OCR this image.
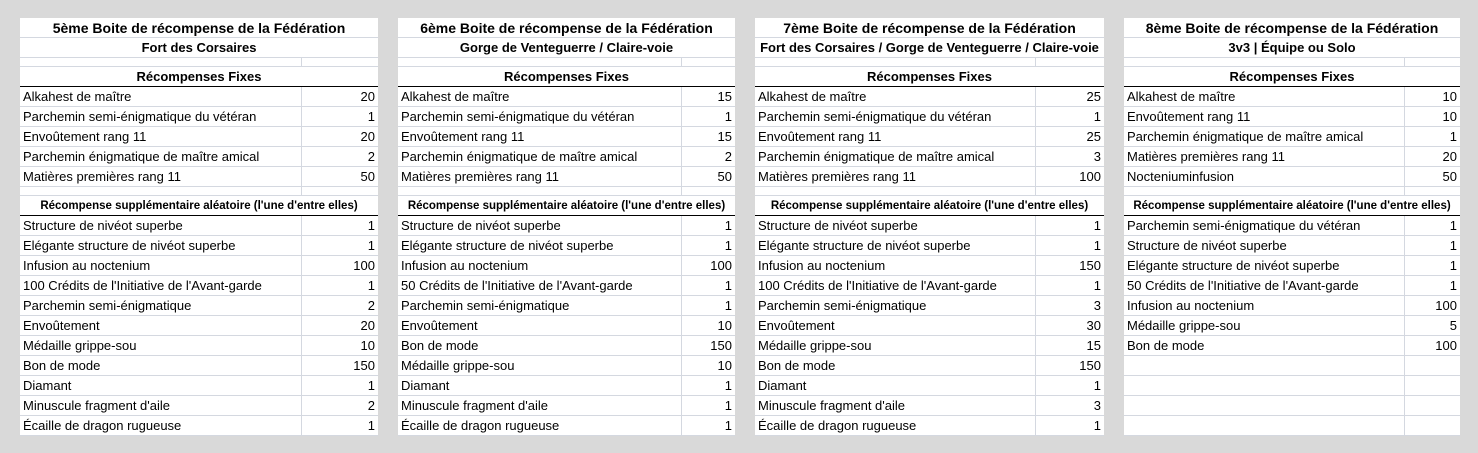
5ème Boite de récompense de la Fédération
Fort des Corsaires
Récompenses Fixes
Alkahest de maître	20
Parchemin semi-énigmatique du vétéran	1
Envoûtement rang 11	20
Parchemin énigmatique de maître amical	2
Matières premières rang 11	50
Récompense supplémentaire aléatoire (l'une d'entre elles)
Structure de nivéot superbe	1
Elégante structure de nivéot superbe	1
Infusion au noctenium	100
100 Crédits de l'Initiative de l'Avant-garde	1
Parchemin semi-énigmatique	2
Envoûtement	20
Médaille grippe-sou	10
Bon de mode	150
Diamant	1
Minuscule fragment d'aile	2
Écaille de dragon rugueuse	1
6ème Boite de récompense de la Fédération
Gorge de Venteguerre / Claire-voie
Récompenses Fixes
Alkahest de maître	15
Parchemin semi-énigmatique du vétéran	1
Envoûtement rang 11	15
Parchemin énigmatique de maître amical	2
Matières premières rang 11	50
Récompense supplémentaire aléatoire (l'une d'entre elles)
Structure de nivéot superbe	1
Elégante structure de nivéot superbe	1
Infusion au noctenium	100
50 Crédits de l'Initiative de l'Avant-garde	1
Parchemin semi-énigmatique	1
Envoûtement	10
Bon de mode	150
Médaille grippe-sou	10
Diamant	1
Minuscule fragment d'aile	1
Écaille de dragon rugueuse	1
7ème Boite de récompense de la Fédération
Fort des Corsaires / Gorge de Venteguerre / Claire-voie
Récompenses Fixes
Alkahest de maître	25
Parchemin semi-énigmatique du vétéran	1
Envoûtement rang 11	25
Parchemin énigmatique de maître amical	3
Matières premières rang 11	100
Récompense supplémentaire aléatoire (l'une d'entre elles)
Structure de nivéot superbe	1
Elégante structure de nivéot superbe	1
Infusion au noctenium	150
100 Crédits de l'Initiative de l'Avant-garde	1
Parchemin semi-énigmatique	3
Envoûtement	30
Médaille grippe-sou	15
Bon de mode	150
Diamant	1
Minuscule fragment d'aile	3
Écaille de dragon rugueuse	1
8ème Boite de récompense de la Fédération
3v3 | Équipe ou Solo
Récompenses Fixes
Alkahest de maître	10
Envoûtement rang 11	10
Parchemin énigmatique de maître amical	1
Matières premières rang 11	20
Nocteniuminfusion	50
Récompense supplémentaire aléatoire (l'une d'entre elles)
Parchemin semi-énigmatique du vétéran	1
Structure de nivéot superbe	1
Elégante structure de nivéot superbe	1
50 Crédits de l'Initiative de l'Avant-garde	1
Infusion au noctenium	100
Médaille grippe-sou	5
Bon de mode	100
